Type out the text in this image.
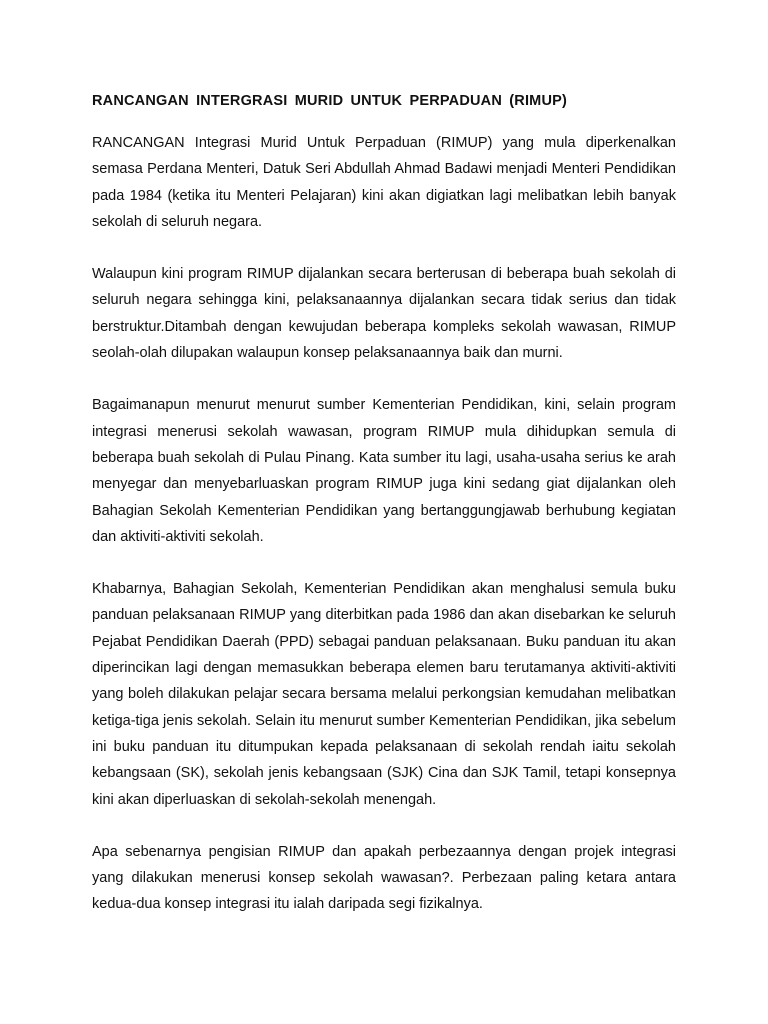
RANCANGAN INTERGRASI MURID UNTUK PERPADUAN (RIMUP)

RANCANGAN Integrasi Murid Untuk Perpaduan (RIMUP) yang mula diperkenalkan semasa Perdana Menteri, Datuk Seri Abdullah Ahmad Badawi menjadi Menteri Pendidikan pada 1984 (ketika itu Menteri Pelajaran) kini akan digiatkan lagi melibatkan lebih banyak sekolah di seluruh negara.

Walaupun kini program RIMUP dijalankan secara berterusan di beberapa buah sekolah di seluruh negara sehingga kini, pelaksanaannya dijalankan secara tidak serius dan tidak berstruktur.Ditambah dengan kewujudan beberapa kompleks sekolah wawasan, RIMUP seolah-olah dilupakan walaupun konsep pelaksanaannya baik dan murni.

Bagaimanapun menurut menurut sumber Kementerian Pendidikan, kini, selain program integrasi menerusi sekolah wawasan, program RIMUP mula dihidupkan semula di beberapa buah sekolah di Pulau Pinang. Kata sumber itu lagi, usaha-usaha serius ke arah menyegar dan menyebarluaskan program RIMUP juga kini sedang giat dijalankan oleh Bahagian Sekolah Kementerian Pendidikan yang bertanggungjawab berhubung kegiatan dan aktiviti-aktiviti sekolah.

Khabarnya, Bahagian Sekolah, Kementerian Pendidikan akan menghalusi semula buku panduan pelaksanaan RIMUP yang diterbitkan pada 1986 dan akan disebarkan ke seluruh Pejabat Pendidikan Daerah (PPD) sebagai panduan pelaksanaan. Buku panduan itu akan diperincikan lagi dengan memasukkan beberapa elemen baru terutamanya aktiviti-aktiviti yang boleh dilakukan pelajar secara bersama melalui perkongsian kemudahan melibatkan ketiga-tiga jenis sekolah. Selain itu menurut sumber Kementerian Pendidikan, jika sebelum ini buku panduan itu ditumpukan kepada pelaksanaan di sekolah rendah iaitu sekolah kebangsaan (SK), sekolah jenis kebangsaan (SJK) Cina dan SJK Tamil, tetapi konsepnya kini akan diperluaskan di sekolah-sekolah menengah.

Apa sebenarnya pengisian RIMUP dan apakah perbezaannya dengan projek integrasi yang dilakukan menerusi konsep sekolah wawasan?. Perbezaan paling ketara antara kedua-dua konsep integrasi itu ialah daripada segi fizikalnya.
